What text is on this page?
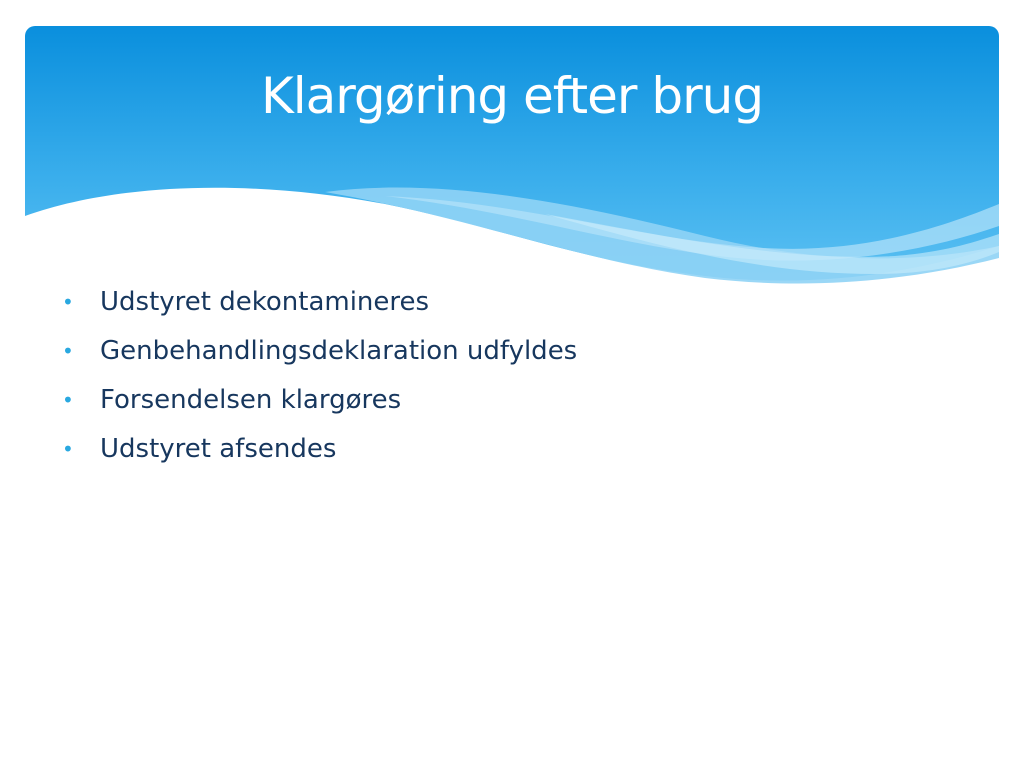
Klargøring efter brug
• Udstyret dekontamineres
• Genbehandlingsdeklaration udfyldes
• Forsendelsen klargøres
• Udstyret afsendes
